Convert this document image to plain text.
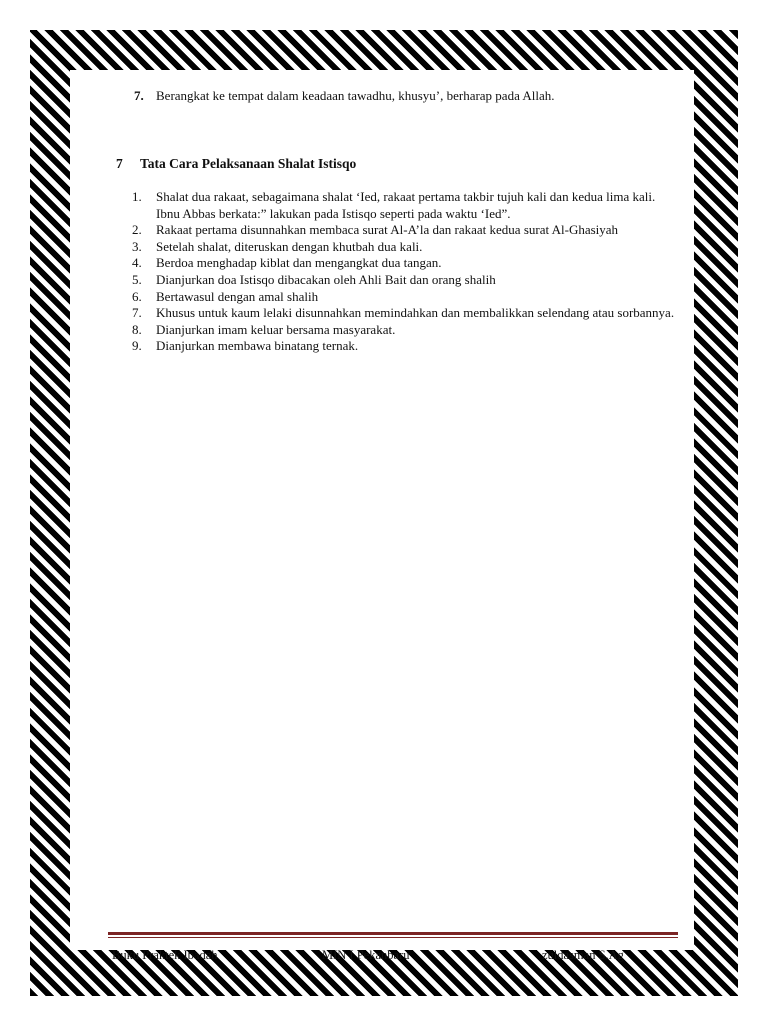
7. Berangkat ke tempat dalam keadaan tawadhu, khusyu’, berharap pada Allah.
7 Tata Cara Pelaksanaan Shalat Istisqo
1.	Shalat dua rakaat, sebagaimana shalat ‘Ied, rakaat pertama takbir tujuh kali dan kedua lima kali. Ibnu Abbas berkata:” lakukan pada Istisqo seperti pada waktu ‘Ied”.
2.	Rakaat pertama disunnahkan membaca surat Al-A’la dan rakaat kedua surat Al-Ghasiyah
3.	Setelah shalat, diteruskan dengan khutbah dua kali.
4.	Berdoa menghadap kiblat dan mengangkat dua tangan.
5.	Dianjurkan doa Istisqo dibacakan oleh Ahli Bait dan orang shalih
6.	Bertawasul dengan amal shalih
7.	Khusus untuk kaum lelaki disunnahkan memindahkan dan membalikkan selendang atau sorbannya.
8.	Dianjurkan imam keluar bersama masyarakat.
9.	Dianjurkan membawa binatang ternak.
Buku Praktek Ibadah	MIN I Pekanbaru	zuldasman S.Ag
